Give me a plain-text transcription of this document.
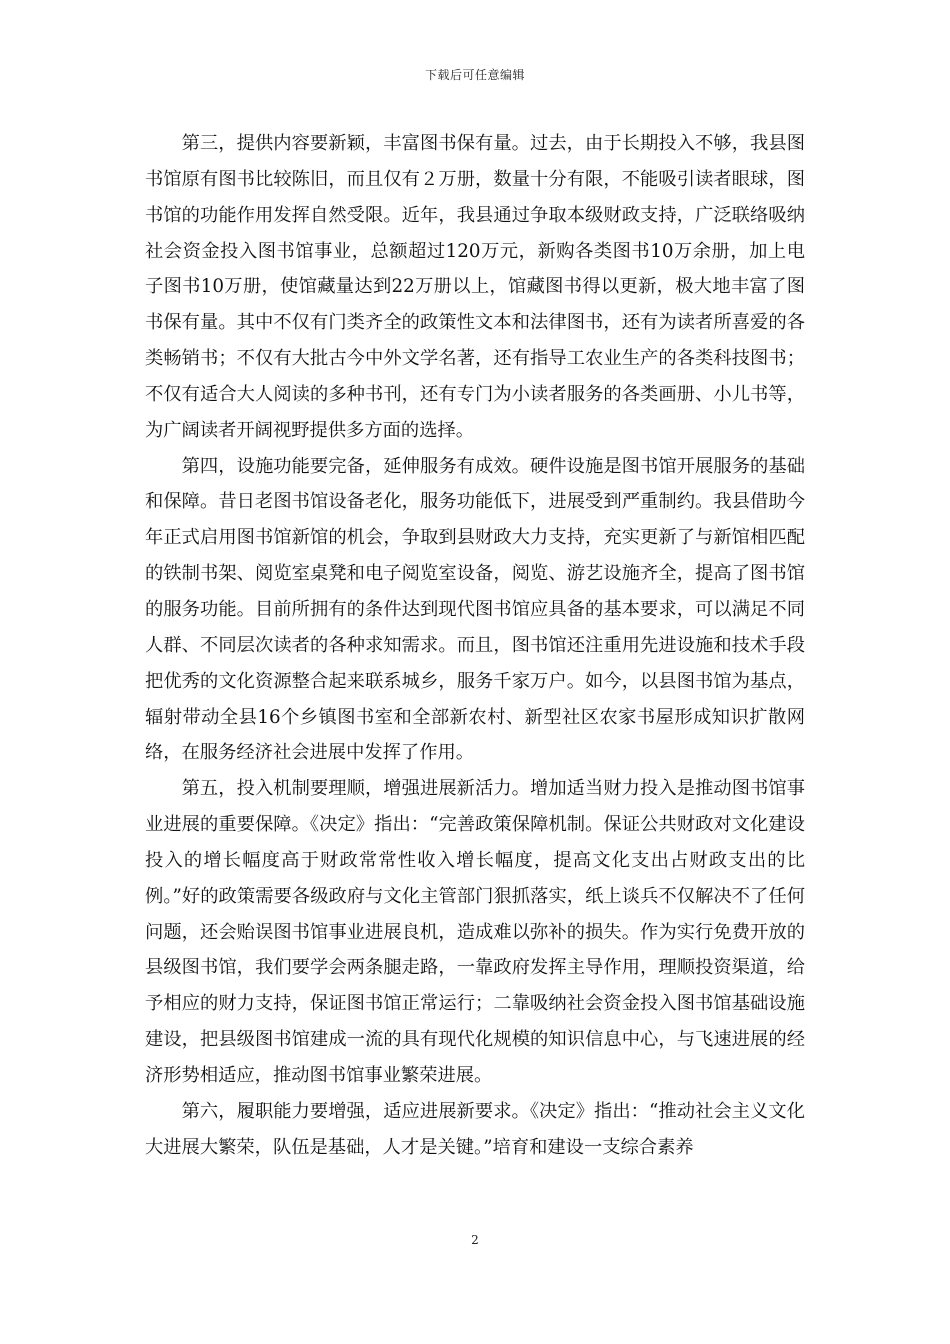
下载后可任意编辑

第三，提供内容要新颖，丰富图书保有量。过去，由于长期投入不够，我县图书馆原有图书比较陈旧，而且仅有２万册，数量十分有限，不能吸引读者眼球，图书馆的功能作用发挥自然受限。近年，我县通过争取本级财政支持，广泛联络吸纳社会资金投入图书馆事业，总额超过120万元，新购各类图书10万余册，加上电子图书10万册，使馆藏量达到22万册以上，馆藏图书得以更新，极大地丰富了图书保有量。其中不仅有门类齐全的政策性文本和法律图书，还有为读者所喜爱的各类畅销书；不仅有大批古今中外文学名著，还有指导工农业生产的各类科技图书；不仅有适合大人阅读的多种书刊，还有专门为小读者服务的各类画册、小儿书等，为广阔读者开阔视野提供多方面的选择。

第四，设施功能要完备，延伸服务有成效。硬件设施是图书馆开展服务的基础和保障。昔日老图书馆设备老化，服务功能低下，进展受到严重制约。我县借助今年正式启用图书馆新馆的机会，争取到县财政大力支持，充实更新了与新馆相匹配的铁制书架、阅览室桌凳和电子阅览室设备，阅览、游艺设施齐全，提高了图书馆的服务功能。目前所拥有的条件达到现代图书馆应具备的基本要求，可以满足不同人群、不同层次读者的各种求知需求。而且，图书馆还注重用先进设施和技术手段把优秀的文化资源整合起来联系城乡，服务千家万户。如今，以县图书馆为基点，辐射带动全县16个乡镇图书室和全部新农村、新型社区农家书屋形成知识扩散网络，在服务经济社会进展中发挥了作用。

第五，投入机制要理顺，增强进展新活力。增加适当财力投入是推动图书馆事业进展的重要保障。《决定》指出：“完善政策保障机制。保证公共财政对文化建设投入的增长幅度高于财政常常性收入增长幅度，提高文化支出占财政支出的比例。”好的政策需要各级政府与文化主管部门狠抓落实，纸上谈兵不仅解决不了任何问题，还会贻误图书馆事业进展良机，造成难以弥补的损失。作为实行免费开放的县级图书馆，我们要学会两条腿走路，一靠政府发挥主导作用，理顺投资渠道，给予相应的财力支持，保证图书馆正常运行；二靠吸纳社会资金投入图书馆基础设施建设，把县级图书馆建成一流的具有现代化规模的知识信息中心，与飞速进展的经济形势相适应，推动图书馆事业繁荣进展。

第六，履职能力要增强，适应进展新要求。《决定》指出：“推动社会主义文化大进展大繁荣，队伍是基础，人才是关键。”培育和建设一支综合素养

2
